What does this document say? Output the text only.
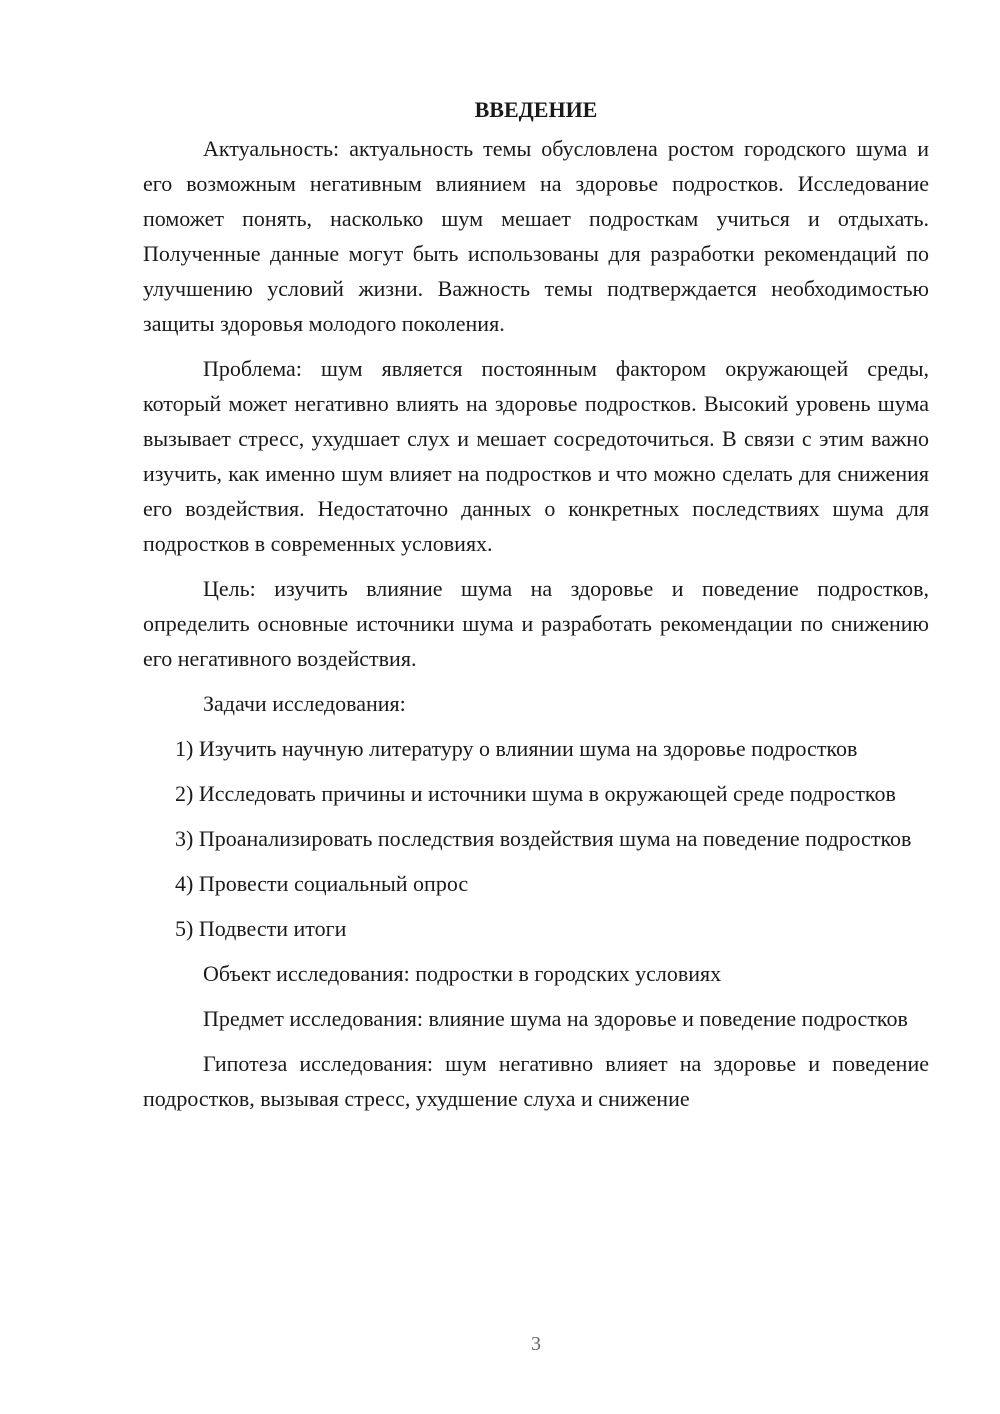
ВВЕДЕНИЕ

Актуальность: актуальность темы обусловлена ростом городского шума и его возможным негативным влиянием на здоровье подростков. Исследование поможет понять, насколько шум мешает подросткам учиться и отдыхать. Полученные данные могут быть использованы для разработки рекомендаций по улучшению условий жизни. Важность темы подтверждается необходимостью защиты здоровья молодого поколения.

Проблема: шум является постоянным фактором окружающей среды, который может негативно влиять на здоровье подростков. Высокий уровень шума вызывает стресс, ухудшает слух и мешает сосредоточиться. В связи с этим важно изучить, как именно шум влияет на подростков и что можно сделать для снижения его воздействия. Недостаточно данных о конкретных последствиях шума для подростков в современных условиях.

Цель: изучить влияние шума на здоровье и поведение подростков, определить основные источники шума и разработать рекомендации по снижению его негативного воздействия.

Задачи исследования:

1) Изучить научную литературу о влиянии шума на здоровье подростков

2) Исследовать причины и источники шума в окружающей среде подростков

3) Проанализировать последствия воздействия шума на поведение подростков

4) Провести социальный опрос

5) Подвести итоги

Объект исследования: подростки в городских условиях

Предмет исследования: влияние шума на здоровье и поведение подростков

Гипотеза исследования: шум негативно влияет на здоровье и поведение подростков, вызывая стресс, ухудшение слуха и снижение

3
